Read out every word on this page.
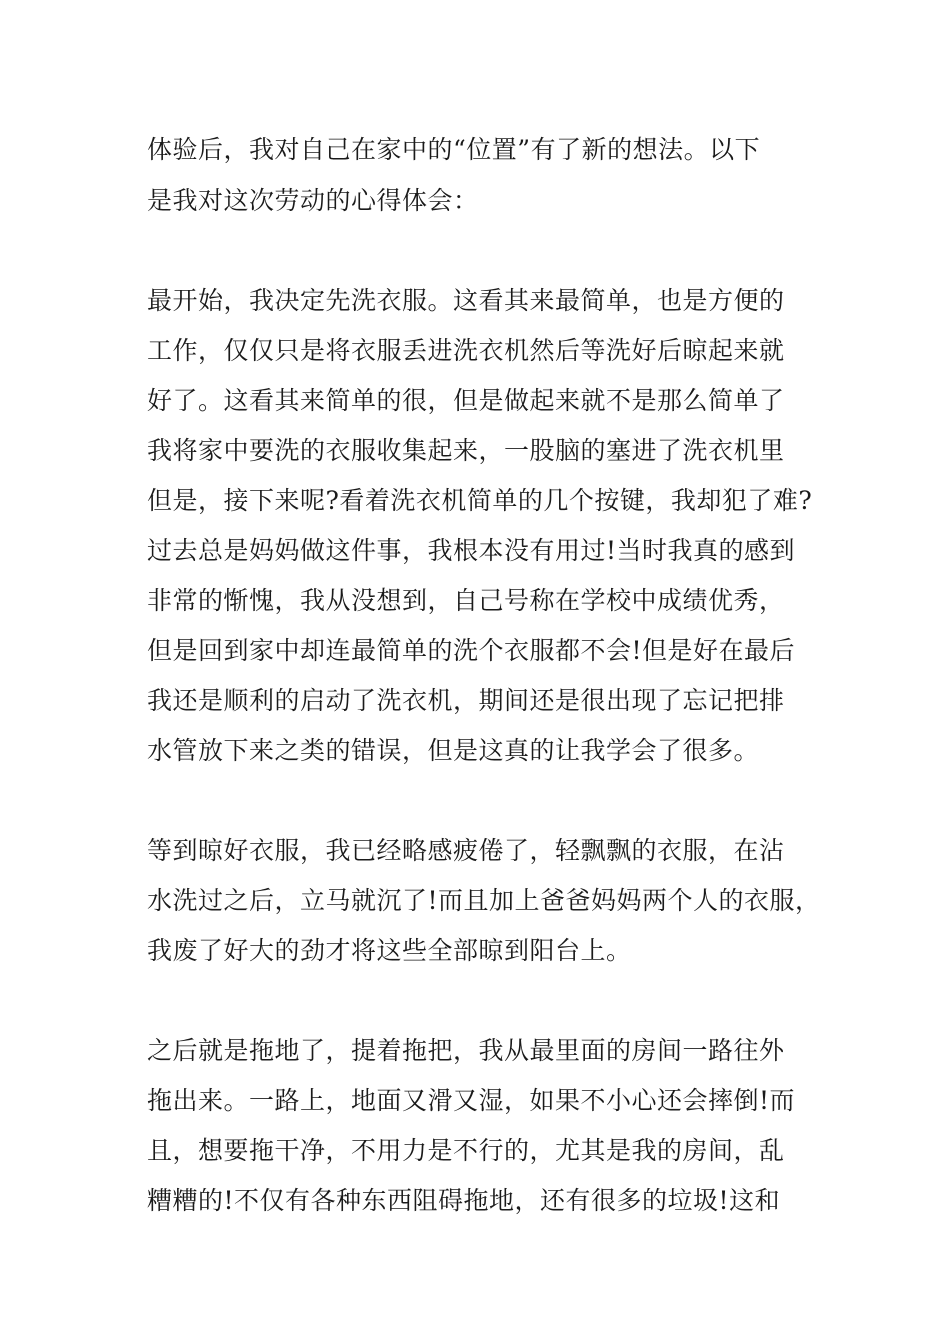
体验后，我对自己在家中的“位置”有了新的想法。以下
是我对这次劳动的心得体会：
最开始，我决定先洗衣服。这看其来最简单，也是方便的
工作，仅仅只是将衣服丢进洗衣机然后等洗好后晾起来就
好了。这看其来简单的很，但是做起来就不是那么简单了
我将家中要洗的衣服收集起来，一股脑的塞进了洗衣机里
但是，接下来呢?看着洗衣机简单的几个按键，我却犯了难?
过去总是妈妈做这件事，我根本没有用过!当时我真的感到
非常的惭愧，我从没想到，自己号称在学校中成绩优秀，
但是回到家中却连最简单的洗个衣服都不会!但是好在最后
我还是顺利的启动了洗衣机，期间还是很出现了忘记把排
水管放下来之类的错误，但是这真的让我学会了很多。
等到晾好衣服，我已经略感疲倦了，轻飘飘的衣服，在沾
水洗过之后，立马就沉了!而且加上爸爸妈妈两个人的衣服，
我废了好大的劲才将这些全部晾到阳台上。
之后就是拖地了，提着拖把，我从最里面的房间一路往外
拖出来。一路上，地面又滑又湿，如果不小心还会摔倒!而
且，想要拖干净，不用力是不行的，尤其是我的房间，乱
糟糟的!不仅有各种东西阻碍拖地，还有很多的垃圾!这和
